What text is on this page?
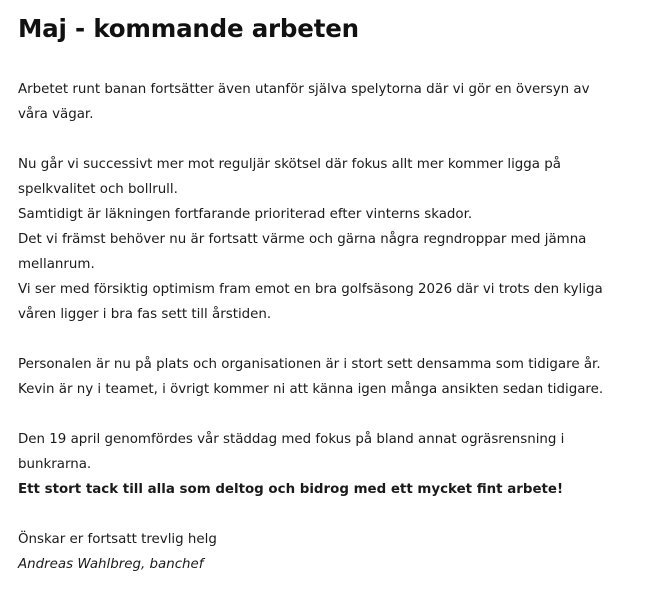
Maj - kommande arbeten
Arbetet runt banan fortsätter även utanför själva spelytorna där vi gör en översyn av
våra vägar.
Nu går vi successivt mer mot reguljär skötsel där fokus allt mer kommer ligga på
spelkvalitet och bollrull.
Samtidigt är läkningen fortfarande prioriterad efter vinterns skador.
Det vi främst behöver nu är fortsatt värme och gärna några regndroppar med jämna
mellanrum.
Vi ser med försiktig optimism fram emot en bra golfsäsong 2026 där vi trots den kyliga
våren ligger i bra fas sett till årstiden.
Personalen är nu på plats och organisationen är i stort sett densamma som tidigare år.
Kevin är ny i teamet, i övrigt kommer ni att känna igen många ansikten sedan tidigare.
Den 19 april genomfördes vår städdag med fokus på bland annat ogräsrensning i
bunkrarna.
Ett stort tack till alla som deltog och bidrog med ett mycket fint arbete!
Önskar er fortsatt trevlig helg
Andreas Wahlbreg, banchef
